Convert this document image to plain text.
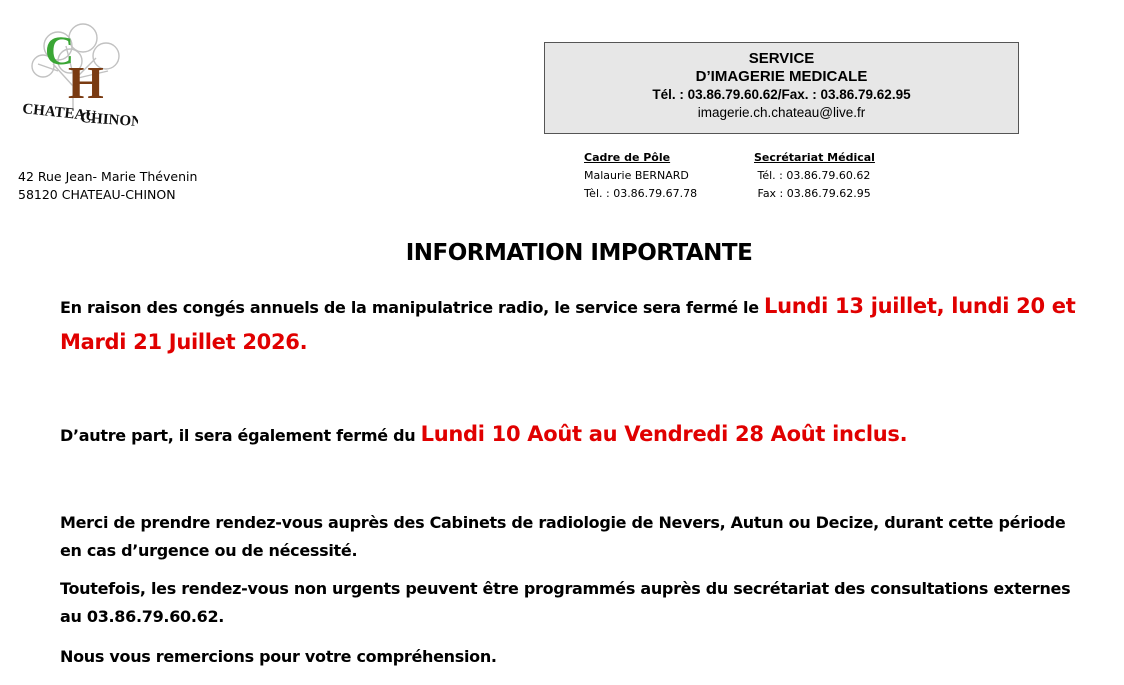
C
H
CHATEAU
CHINON
SERVICE
D’IMAGERIE MEDICALE
Tél. : 03.86.79.60.62/Fax. : 03.86.79.62.95
imagerie.ch.chateau@live.fr
42 Rue Jean- Marie Thévenin
58120 CHATEAU-CHINON
Cadre de Pôle
Malaurie BERNARD
Tèl. : 03.86.79.67.78
Secrétariat Médical
Tél. : 03.86.79.60.62
Fax : 03.86.79.62.95
INFORMATION IMPORTANTE
En raison des congés annuels de la manipulatrice radio, le service sera fermé le Lundi 13 juillet, lundi 20 et Mardi 21 Juillet 2026.
D’autre part, il sera également fermé du Lundi 10 Août au Vendredi 28 Août inclus.
Merci de prendre rendez-vous auprès des Cabinets de radiologie de Nevers, Autun ou Decize, durant cette période en cas d’urgence ou de nécessité.
Toutefois, les rendez-vous non urgents peuvent être programmés auprès du secrétariat des consultations externes au 03.86.79.60.62.
Nous vous remercions pour votre compréhension.
